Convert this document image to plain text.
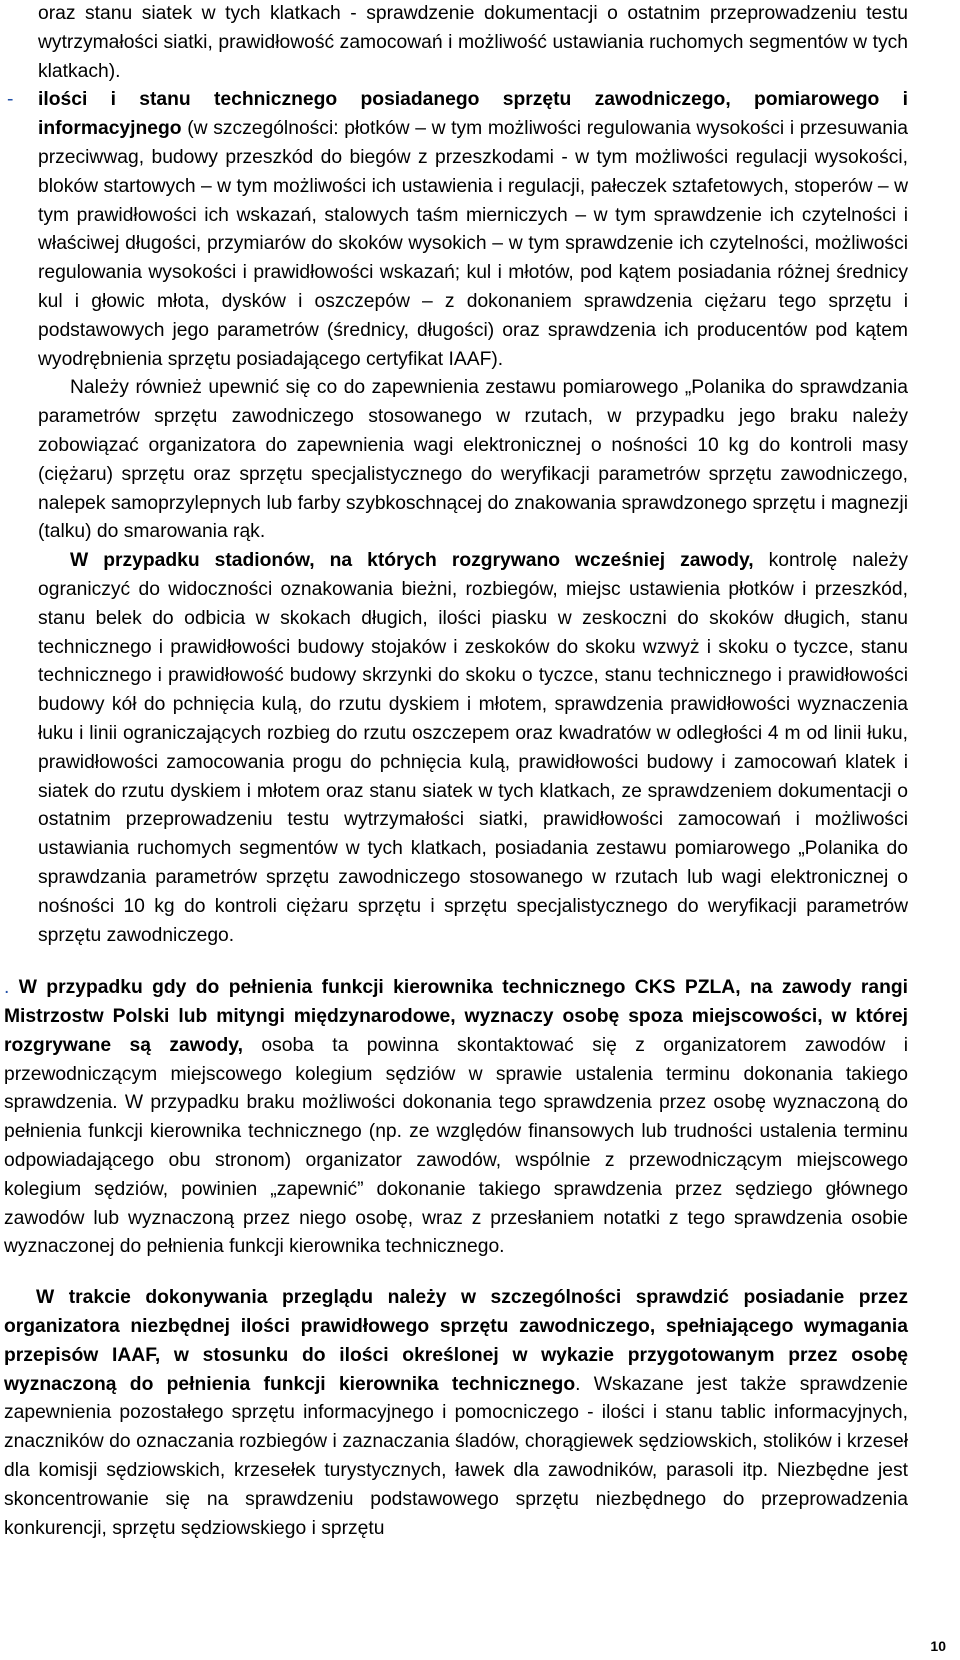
oraz stanu siatek w tych klatkach - sprawdzenie dokumentacji o ostatnim przeprowadzeniu testu wytrzymałości siatki, prawidłowość zamocowań i możliwość ustawiania ruchomych segmentów w tych klatkach).

- ilości i stanu technicznego posiadanego sprzętu zawodniczego, pomiarowego i informacyjnego (w szczególności: płotków – w tym możliwości regulowania wysokości i przesuwania przeciwwag, budowy przeszkód do biegów z przeszkodami - w tym możliwości regulacji wysokości, bloków startowych – w tym możliwości ich ustawienia i regulacji, pałeczek sztafetowych, stoperów – w tym prawidłowości ich wskazań, stalowych taśm mierniczych – w tym sprawdzenie ich czytelności i właściwej długości, przymiarów do skoków wysokich – w tym sprawdzenie ich czytelności, możliwości regulowania wysokości i prawidłowości wskazań; kul i młotów, pod kątem posiadania różnej średnicy kul i głowic młota, dysków i oszczepów – z dokonaniem sprawdzenia ciężaru tego sprzętu i podstawowych jego parametrów (średnicy, długości) oraz sprawdzenia ich producentów pod kątem wyodrębnienia sprzętu posiadającego certyfikat IAAF).

Należy również upewnić się co do zapewnienia zestawu pomiarowego „Polanika do sprawdzania parametrów sprzętu zawodniczego stosowanego w rzutach, w przypadku jego braku należy zobowiązać organizatora do zapewnienia wagi elektronicznej o nośności 10 kg do kontroli masy (ciężaru) sprzętu oraz sprzętu specjalistycznego do weryfikacji parametrów sprzętu zawodniczego, nalepek samoprzylepnych lub farby szybkoschnącej do znakowania sprawdzonego sprzętu i magnezji (talku) do smarowania rąk.

W przypadku stadionów, na których rozgrywano wcześniej zawody, kontrolę należy ograniczyć do widoczności oznakowania bieżni, rozbiegów, miejsc ustawienia płotków i przeszkód, stanu belek do odbicia w skokach długich, ilości piasku w zeskoczni do skoków długich, stanu technicznego i prawidłowości budowy stojaków i zeskoków do skoku wzwyż i skoku o tyczce, stanu technicznego i prawidłowość budowy skrzynki do skoku o tyczce, stanu technicznego i prawidłowości budowy kół do pchnięcia kulą, do rzutu dyskiem i młotem, sprawdzenia prawidłowości wyznaczenia łuku i linii ograniczających rozbieg do rzutu oszczepem oraz kwadratów w odległości 4 m od linii łuku, prawidłowości zamocowania progu do pchnięcia kulą, prawidłowości budowy i zamocowań klatek i siatek do rzutu dyskiem i młotem oraz stanu siatek w tych klatkach, ze sprawdzeniem dokumentacji o ostatnim przeprowadzeniu testu wytrzymałości siatki, prawidłowości zamocowań i możliwości ustawiania ruchomych segmentów w tych klatkach, posiadania zestawu pomiarowego „Polanika do sprawdzania parametrów sprzętu zawodniczego stosowanego w rzutach lub wagi elektronicznej o nośności 10 kg do kontroli ciężaru sprzętu i sprzętu specjalistycznego do weryfikacji parametrów sprzętu zawodniczego.

. W przypadku gdy do pełnienia funkcji kierownika technicznego CKS PZLA, na zawody rangi Mistrzostw Polski lub mityngi międzynarodowe, wyznaczy osobę spoza miejscowości, w której rozgrywane są zawody, osoba ta powinna skontaktować się z organizatorem zawodów i przewodniczącym miejscowego kolegium sędziów w sprawie ustalenia terminu dokonania takiego sprawdzenia. W przypadku braku możliwości dokonania tego sprawdzenia przez osobę wyznaczoną do pełnienia funkcji kierownika technicznego (np. ze względów finansowych lub trudności ustalenia terminu odpowiadającego obu stronom) organizator zawodów, wspólnie z przewodniczącym miejscowego kolegium sędziów, powinien „zapewnić” dokonanie takiego sprawdzenia przez sędziego głównego zawodów lub wyznaczoną przez niego osobę, wraz z przesłaniem notatki z tego sprawdzenia osobie wyznaczonej do pełnienia funkcji kierownika technicznego.

W trakcie dokonywania przeglądu należy w szczególności sprawdzić posiadanie przez organizatora niezbędnej ilości prawidłowego sprzętu zawodniczego, spełniającego wymagania przepisów IAAF, w stosunku do ilości określonej w wykazie przygotowanym przez osobę wyznaczoną do pełnienia funkcji kierownika technicznego. Wskazane jest także sprawdzenie zapewnienia pozostałego sprzętu informacyjnego i pomocniczego - ilości i stanu tablic informacyjnych, znaczników do oznaczania rozbiegów i zaznaczania śladów, chorągiewek sędziowskich, stolików i krzeseł dla komisji sędziowskich, krzesełek turystycznych, ławek dla zawodników, parasoli itp. Niezbędne jest skoncentrowanie się na sprawdzeniu podstawowego sprzętu niezbędnego do przeprowadzenia konkurencji, sprzętu sędziowskiego i sprzętu

10
